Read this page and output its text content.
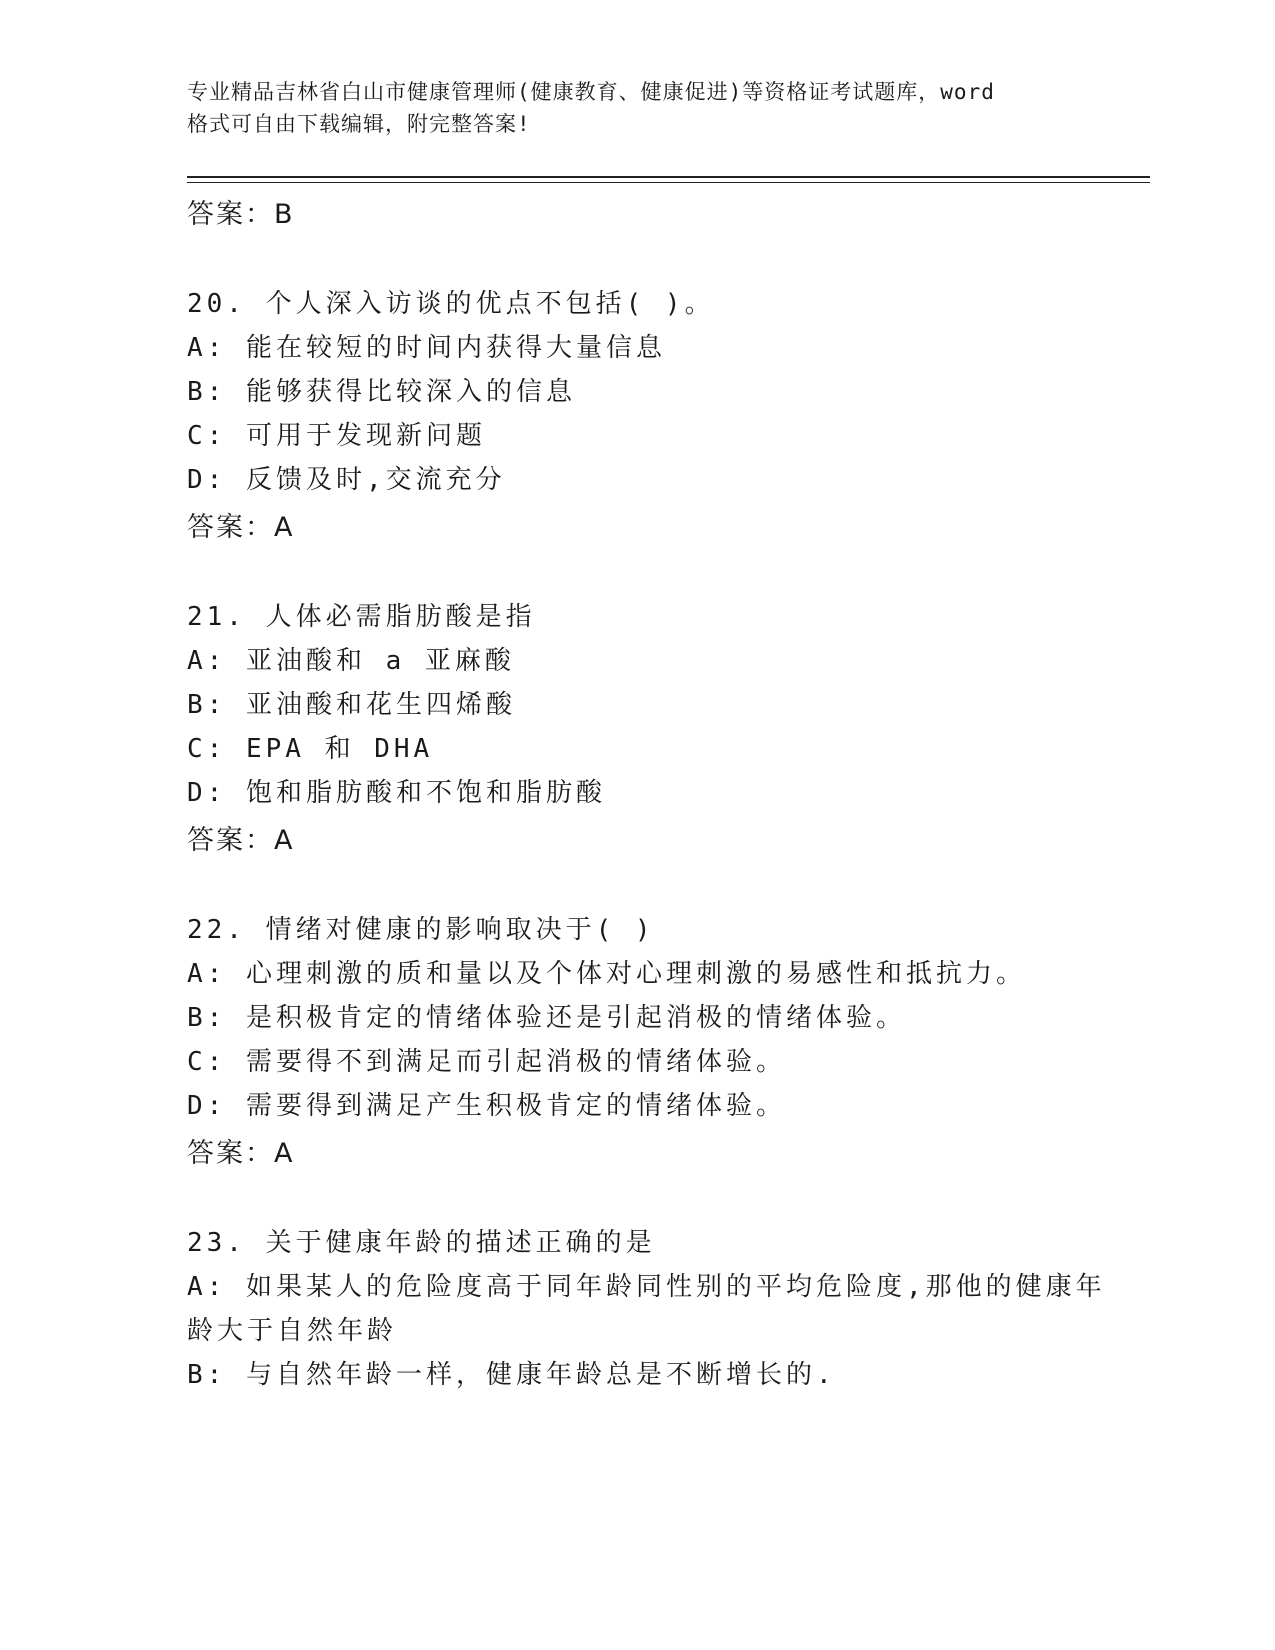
专业精品吉林省白山市健康管理师(健康教育、健康促进)等资格证考试题库，word
格式可自由下载编辑，附完整答案!
答案：B
20. 个人深入访谈的优点不包括( )。
A: 能在较短的时间内获得大量信息
B: 能够获得比较深入的信息
C: 可用于发现新问题
D: 反馈及时,交流充分
答案：A
21. 人体必需脂肪酸是指
A: 亚油酸和 a 亚麻酸
B: 亚油酸和花生四烯酸
C: EPA 和 DHA
D: 饱和脂肪酸和不饱和脂肪酸
答案：A
22. 情绪对健康的影响取决于( )
A: 心理刺激的质和量以及个体对心理刺激的易感性和抵抗力。
B: 是积极肯定的情绪体验还是引起消极的情绪体验。
C: 需要得不到满足而引起消极的情绪体验。
D: 需要得到满足产生积极肯定的情绪体验。
答案：A
23. 关于健康年龄的描述正确的是
A: 如果某人的危险度高于同年龄同性别的平均危险度,那他的健康年
龄大于自然年龄
B: 与自然年龄一样，健康年龄总是不断增长的.
